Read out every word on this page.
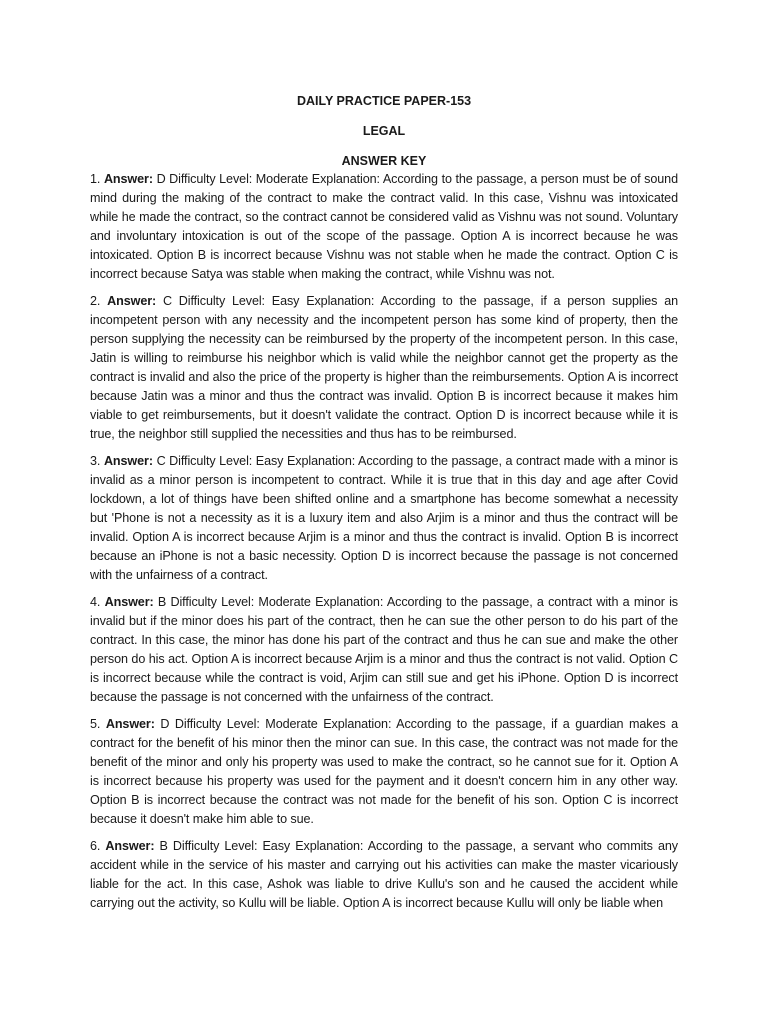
DAILY PRACTICE PAPER-153

LEGAL

ANSWER KEY

1. Answer: D Difficulty Level: Moderate Explanation: According to the passage, a person must be of sound mind during the making of the contract to make the contract valid. In this case, Vishnu was intoxicated while he made the contract, so the contract cannot be considered valid as Vishnu was not sound. Voluntary and involuntary intoxication is out of the scope of the passage. Option A is incorrect because he was intoxicated. Option B is incorrect because Vishnu was not stable when he made the contract. Option C is incorrect because Satya was stable when making the contract, while Vishnu was not.

2. Answer: C Difficulty Level: Easy Explanation: According to the passage, if a person supplies an incompetent person with any necessity and the incompetent person has some kind of property, then the person supplying the necessity can be reimbursed by the property of the incompetent person. In this case, Jatin is willing to reimburse his neighbor which is valid while the neighbor cannot get the property as the contract is invalid and also the price of the property is higher than the reimbursements. Option A is incorrect because Jatin was a minor and thus the contract was invalid. Option B is incorrect because it makes him viable to get reimbursements, but it doesn't validate the contract. Option D is incorrect because while it is true, the neighbor still supplied the necessities and thus has to be reimbursed.

3. Answer: C Difficulty Level: Easy Explanation: According to the passage, a contract made with a minor is invalid as a minor person is incompetent to contract. While it is true that in this day and age after Covid lockdown, a lot of things have been shifted online and a smartphone has become somewhat a necessity but 'Phone is not a necessity as it is a luxury item and also Arjim is a minor and thus the contract will be invalid. Option A is incorrect because Arjim is a minor and thus the contract is invalid. Option B is incorrect because an iPhone is not a basic necessity. Option D is incorrect because the passage is not concerned with the unfairness of a contract.

4. Answer: B Difficulty Level: Moderate Explanation: According to the passage, a contract with a minor is invalid but if the minor does his part of the contract, then he can sue the other person to do his part of the contract. In this case, the minor has done his part of the contract and thus he can sue and make the other person do his act. Option A is incorrect because Arjim is a minor and thus the contract is not valid. Option C is incorrect because while the contract is void, Arjim can still sue and get his iPhone. Option D is incorrect because the passage is not concerned with the unfairness of the contract.

5. Answer: D Difficulty Level: Moderate Explanation: According to the passage, if a guardian makes a contract for the benefit of his minor then the minor can sue. In this case, the contract was not made for the benefit of the minor and only his property was used to make the contract, so he cannot sue for it. Option A is incorrect because his property was used for the payment and it doesn't concern him in any other way. Option B is incorrect because the contract was not made for the benefit of his son. Option C is incorrect because it doesn't make him able to sue.

6. Answer: B Difficulty Level: Easy Explanation: According to the passage, a servant who commits any accident while in the service of his master and carrying out his activities can make the master vicariously liable for the act. In this case, Ashok was liable to drive Kullu's son and he caused the accident while carrying out the activity, so Kullu will be liable. Option A is incorrect because Kullu will only be liable when
